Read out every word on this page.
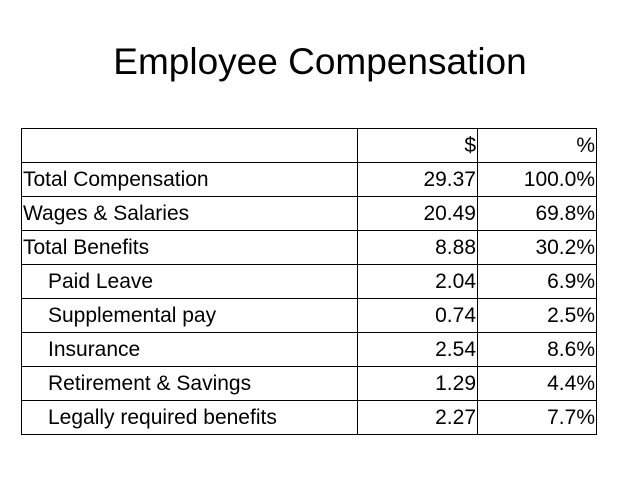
Employee Compensation
	$	%
Total Compensation	29.37	100.0%
Wages & Salaries	20.49	69.8%
Total Benefits	8.88	30.2%
Paid Leave	2.04	6.9%
Supplemental pay	0.74	2.5%
Insurance	2.54	8.6%
Retirement & Savings	1.29	4.4%
Legally required benefits	2.27	7.7%
